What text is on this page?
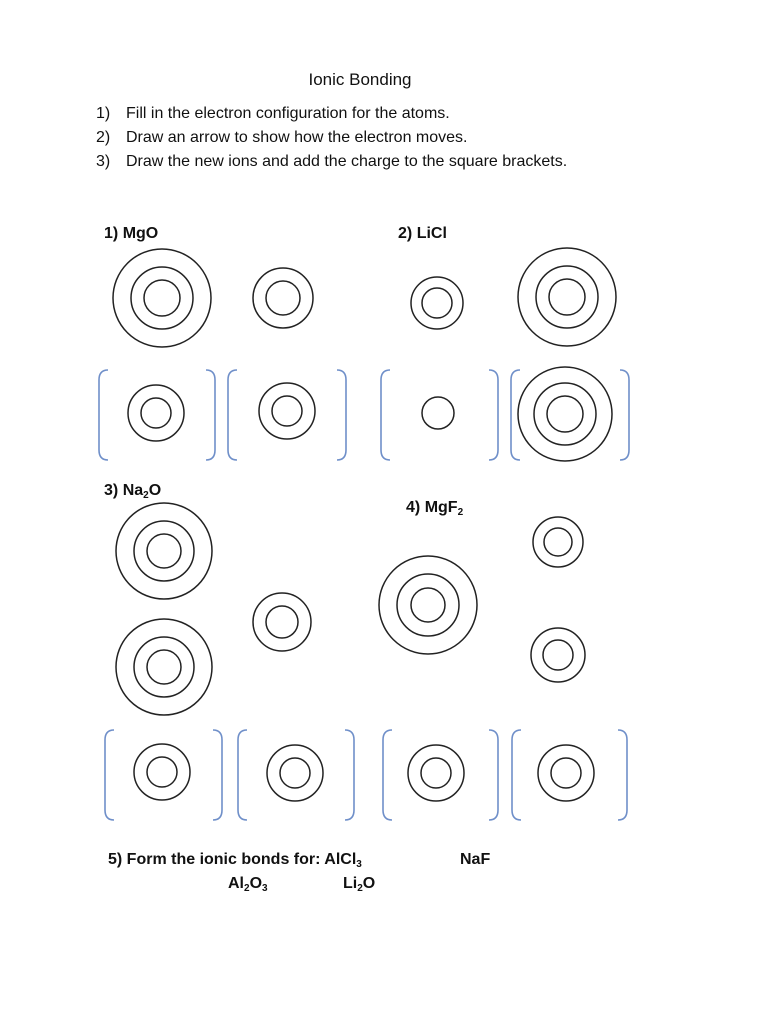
Ionic Bonding
1) Fill in the electron configuration for the atoms.
2) Draw an arrow to show how the electron moves.
3) Draw the new ions and add the charge to the square brackets.
1) MgO	2) LiCl
3) $Na_2O$
4) MgF$_2$
5) Form the ionic bonds for: AlCl$_3$	NaF
$Al_2O_3$	$Li_2O$
